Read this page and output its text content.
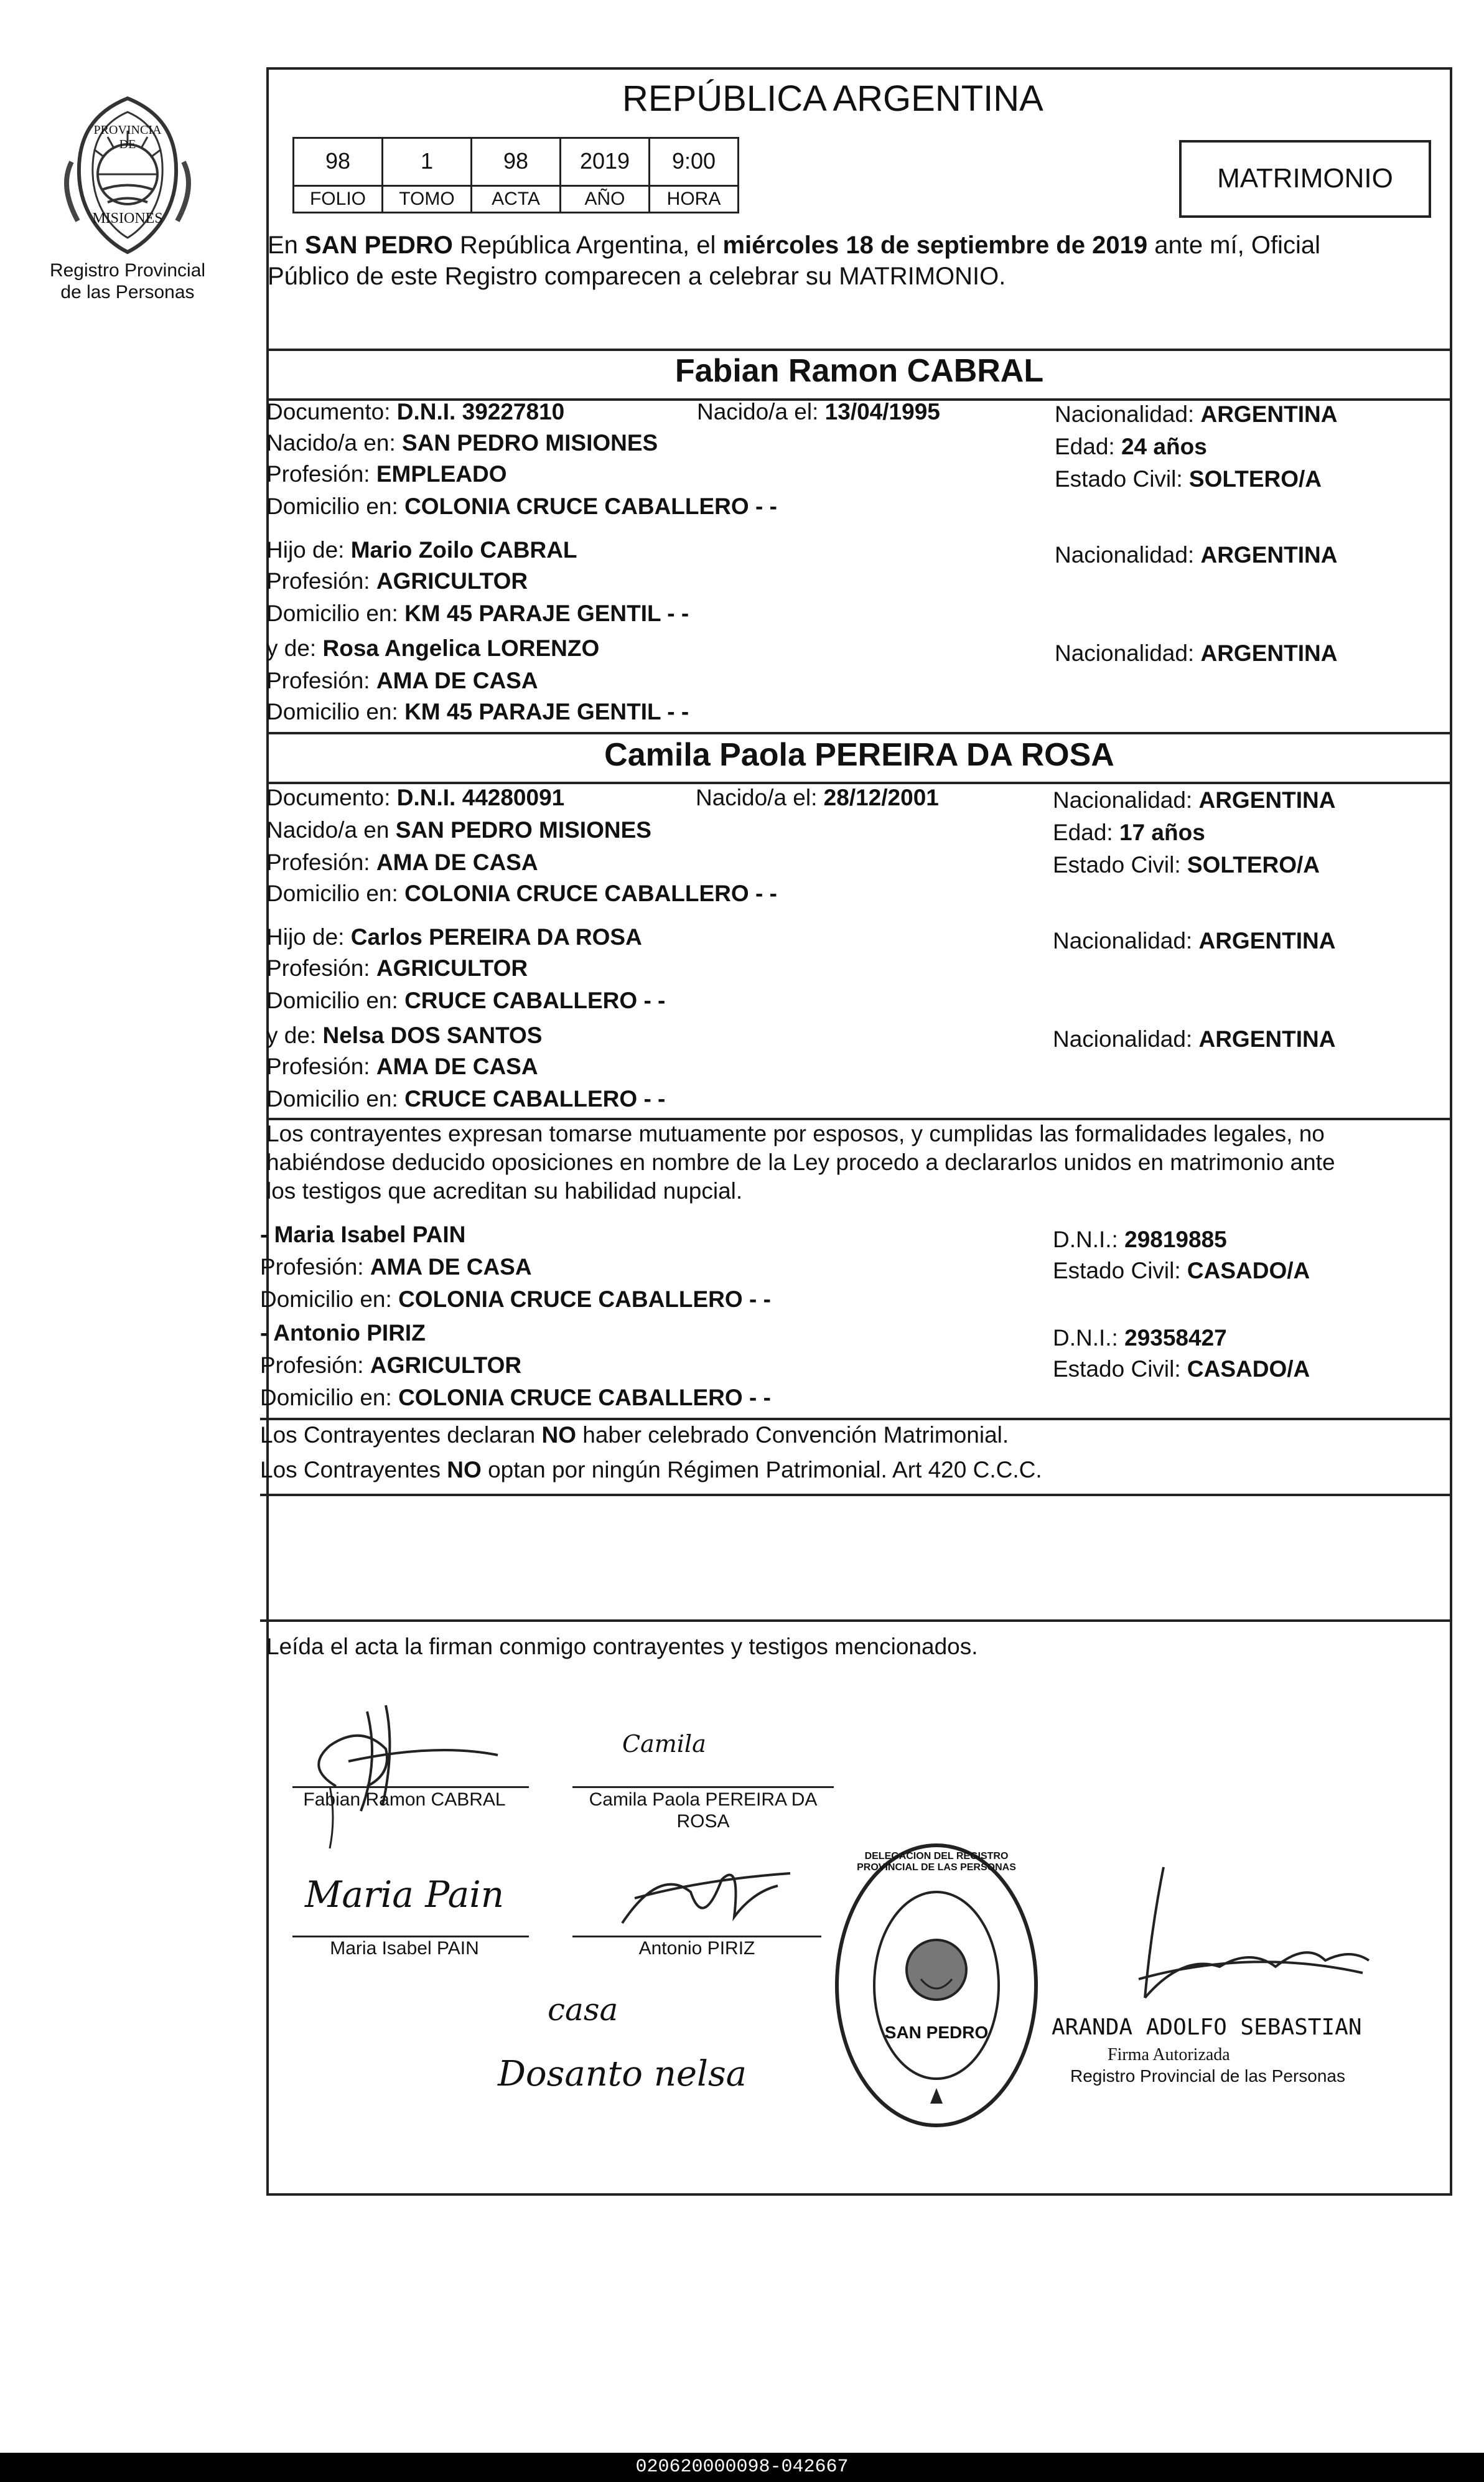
PROVINCIA DE
MISIONES
Registro Provincial
de las Personas
REPÚBLICA ARGENTINA
98	1	98	2019	9:00
FOLIO	TOMO	ACTA	AÑO	HORA
MATRIMONIO
En SAN PEDRO República Argentina, el miércoles 18 de septiembre de 2019 ante mí, Oficial
Público de este Registro comparecen a celebrar su MATRIMONIO.
Fabian Ramon CABRAL
Documento: D.N.I. 39227810	Nacido/a el: 13/04/1995	Nacionalidad: ARGENTINA
Nacido/a en: SAN PEDRO MISIONES	Edad: 24 años
Profesión: EMPLEADO	Estado Civil: SOLTERO/A
Domicilio en: COLONIA CRUCE CABALLERO - -
Hijo de: Mario Zoilo CABRAL	Nacionalidad: ARGENTINA
Profesión: AGRICULTOR
Domicilio en: KM 45 PARAJE GENTIL - -
y de: Rosa Angelica LORENZO	Nacionalidad: ARGENTINA
Profesión: AMA DE CASA
Domicilio en: KM 45 PARAJE GENTIL - -
Camila Paola PEREIRA DA ROSA
Documento: D.N.I. 44280091	Nacido/a el: 28/12/2001	Nacionalidad: ARGENTINA
Nacido/a en SAN PEDRO MISIONES	Edad: 17 años
Profesión: AMA DE CASA	Estado Civil: SOLTERO/A
Domicilio en: COLONIA CRUCE CABALLERO - -
Hijo de: Carlos PEREIRA DA ROSA	Nacionalidad: ARGENTINA
Profesión: AGRICULTOR
Domicilio en: CRUCE CABALLERO - -
y de: Nelsa DOS SANTOS	Nacionalidad: ARGENTINA
Profesión: AMA DE CASA
Domicilio en: CRUCE CABALLERO - -
Los contrayentes expresan tomarse mutuamente por esposos, y cumplidas las formalidades legales, no
habiéndose deducido oposiciones en nombre de la Ley procedo a declararlos unidos en matrimonio ante
los testigos que acreditan su habilidad nupcial.
- Maria Isabel PAIN	D.N.I.: 29819885
Profesión: AMA DE CASA	Estado Civil: CASADO/A
Domicilio en: COLONIA CRUCE CABALLERO - -
- Antonio PIRIZ	D.N.I.: 29358427
Profesión: AGRICULTOR	Estado Civil: CASADO/A
Domicilio en: COLONIA CRUCE CABALLERO - -
Los Contrayentes declaran NO haber celebrado Convención Matrimonial.
Los Contrayentes NO optan por ningún Régimen Patrimonial. Art 420 C.C.C.
Leída el acta la firman conmigo contrayentes y testigos mencionados.
Fabian Ramon CABRAL
Camila
Camila Paola PEREIRA DA
ROSA
Maria Pain
Maria Isabel PAIN	Antonio PIRIZ
casa
Dosanto nelsa
DELEGACION DEL REGISTRO PROVINCIAL DE LAS PERSONAS
SAN PEDRO	ARANDA ADOLFO SEBASTIAN
Firma Autorizada
Registro Provincial de las Personas
020620000098-042667
